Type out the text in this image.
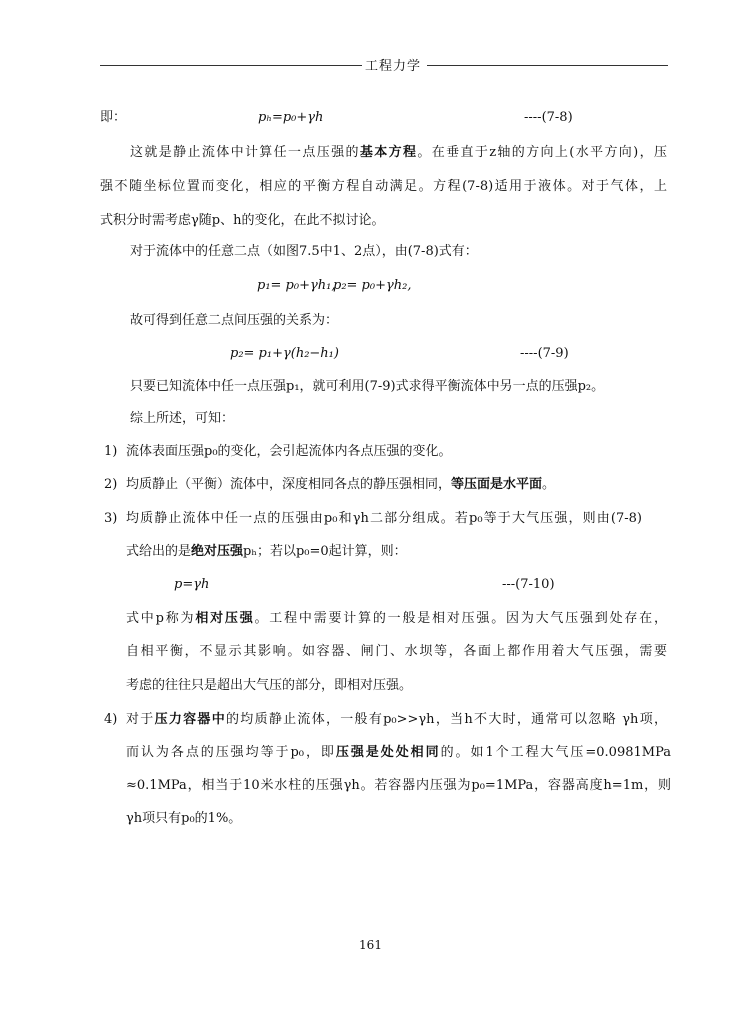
工程力学
即：	pₕ=p₀+γh	----(7-8)
这就是静止流体中计算任一点压强的基本方程。在垂直于z轴的方向上(水平方向)，压
强不随坐标位置而变化，相应的平衡方程自动满足。方程(7-8)适用于液体。对于气体，上
式积分时需考虑γ随p、h的变化，在此不拟讨论。
对于流体中的任意二点（如图7.5中1、2点），由(7-8)式有：
p₁= p₀+γh₁,
p₂= p₀+γh₂,
故可得到任意二点间压强的关系为：
p₂= p₁+γ(h₂−h₁)	----(7-9)
只要已知流体中任一点压强p₁，就可利用(7-9)式求得平衡流体中另一点的压强p₂。
综上所述，可知：
1) 流体表面压强p₀的变化，会引起流体内各点压强的变化。
2) 均质静止（平衡）流体中，深度相同各点的静压强相同，等压面是水平面。
3) 均质静止流体中任一点的压强由p₀和γh二部分组成。若p₀等于大气压强，则由(7-8)
式给出的是绝对压强pₕ；若以p₀=0起计算，则：
p=γh	---(7-10)
式中p称为相对压强。工程中需要计算的一般是相对压强。因为大气压强到处存在，
自相平衡，不显示其影响。如容器、闸门、水坝等，各面上都作用着大气压强，需要
考虑的往往只是超出大气压的部分，即相对压强。
4) 对于压力容器中的均质静止流体，一般有p₀>>γh，当h不大时，通常可以忽略 γh项，
而认为各点的压强均等于p₀，即压强是处处相同的。如1个工程大气压=0.0981MPa
≈0.1MPa，相当于10米水柱的压强γh。若容器内压强为p₀=1MPa，容器高度h=1m，则
γh项只有p₀的1%。
161
